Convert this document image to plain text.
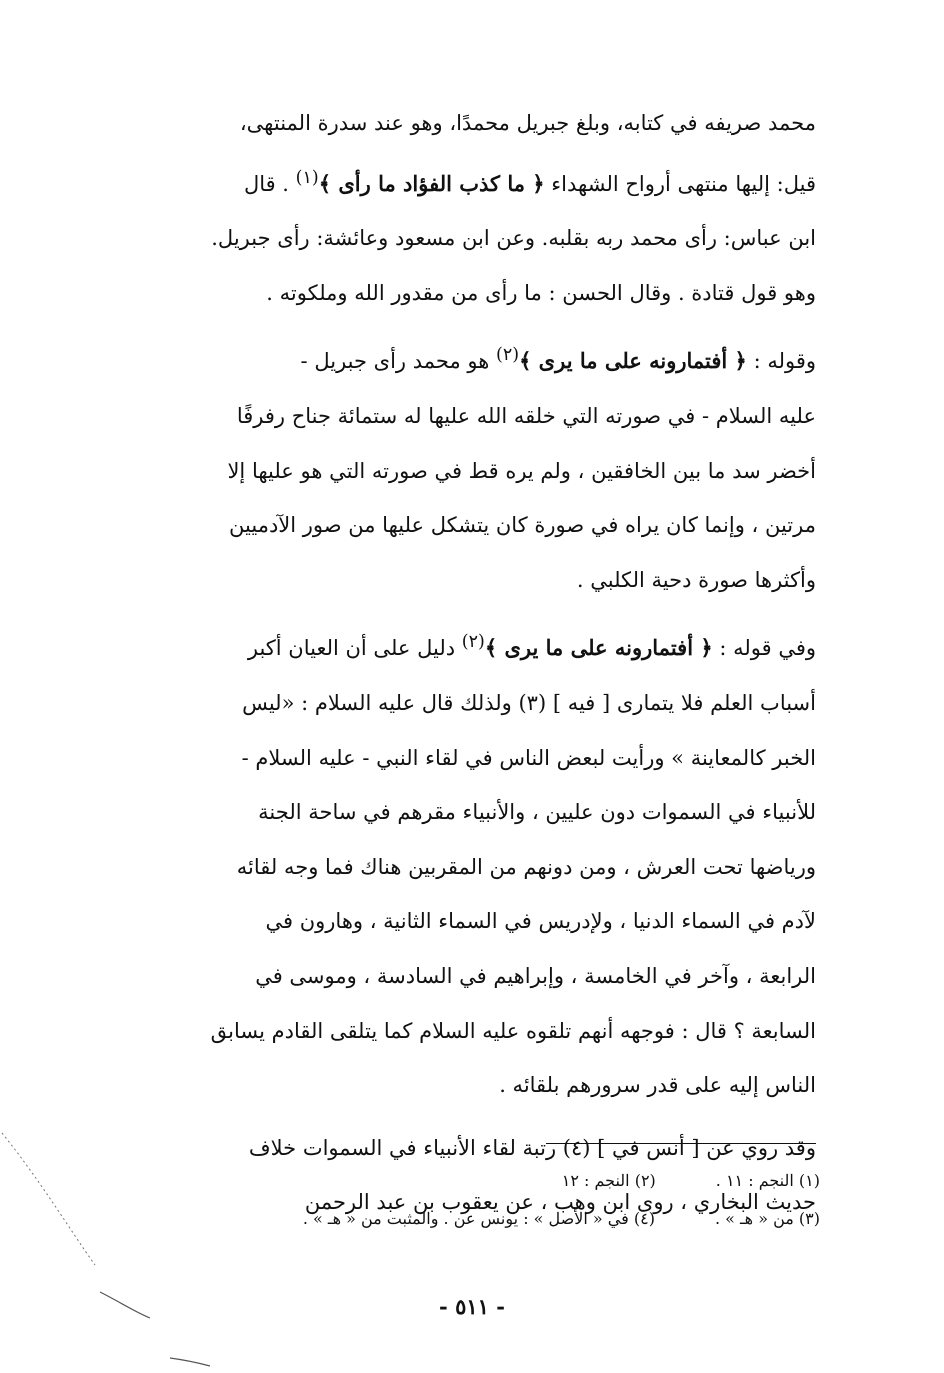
محمد صريفه في كتابه، وبلغ جبريل محمدًا، وهو عند سدرة المنتهى،
قيل: إليها منتهى أرواح الشهداء ﴿ ما كذب الفؤاد ما رأى ﴾$^{(١)}$ . قال
ابن عباس: رأى محمد ربه بقلبه. وعن ابن مسعود وعائشة: رأى جبريل.
وهو قول قتادة . وقال الحسن : ما رأى من مقدور الله وملكوته .
وقوله : ﴿ أفتمارونه على ما يرى ﴾$^{(٢)}$ هو محمد رأى جبريل -
عليه السلام - في صورته التي خلقه الله عليها له ستمائة جناح رفرفًا
أخضر سد ما بين الخافقين ، ولم يره قط في صورته التي هو عليها إلا
مرتين ، وإنما كان يراه في صورة كان يتشكل عليها من صور الآدميين
وأكثرها صورة دحية الكلبي .
وفي قوله : ﴿ أفتمارونه على ما يرى ﴾$^{(٢)}$ دليل على أن العيان أكبر
أسباب العلم فلا يتمارى [ فيه ] (٣) ولذلك قال عليه السلام : «ليس
الخبر كالمعاينة » ورأيت لبعض الناس في لقاء النبي - عليه السلام -
للأنبياء في السموات دون عليين ، والأنبياء مقرهم في ساحة الجنة
ورياضها تحت العرش ، ومن دونهم من المقربين هناك فما وجه لقائه
لآدم في السماء الدنيا ، ولإدريس في السماء الثانية ، وهارون في
الرابعة ، وآخر في الخامسة ، وإبراهيم في السادسة ، وموسى في
السابعة ؟ قال : فوجهه أنهم تلقوه عليه السلام كما يتلقى القادم يسابق
الناس إليه على قدر سرورهم بلقائه .
وقد روي عن [ أنس في ] (٤) رتبة لقاء الأنبياء في السموات خلاف
حديث البخاري ، روى ابن وهب ، عن يعقوب بن عبد الرحمن
(١) النجم : ١١ .
(٢) النجم : ١٢
(٣) من « هـ » .
(٤) في « الأصل » : يونس عن . والمثبت من « هـ » .
- ٥١١ -
